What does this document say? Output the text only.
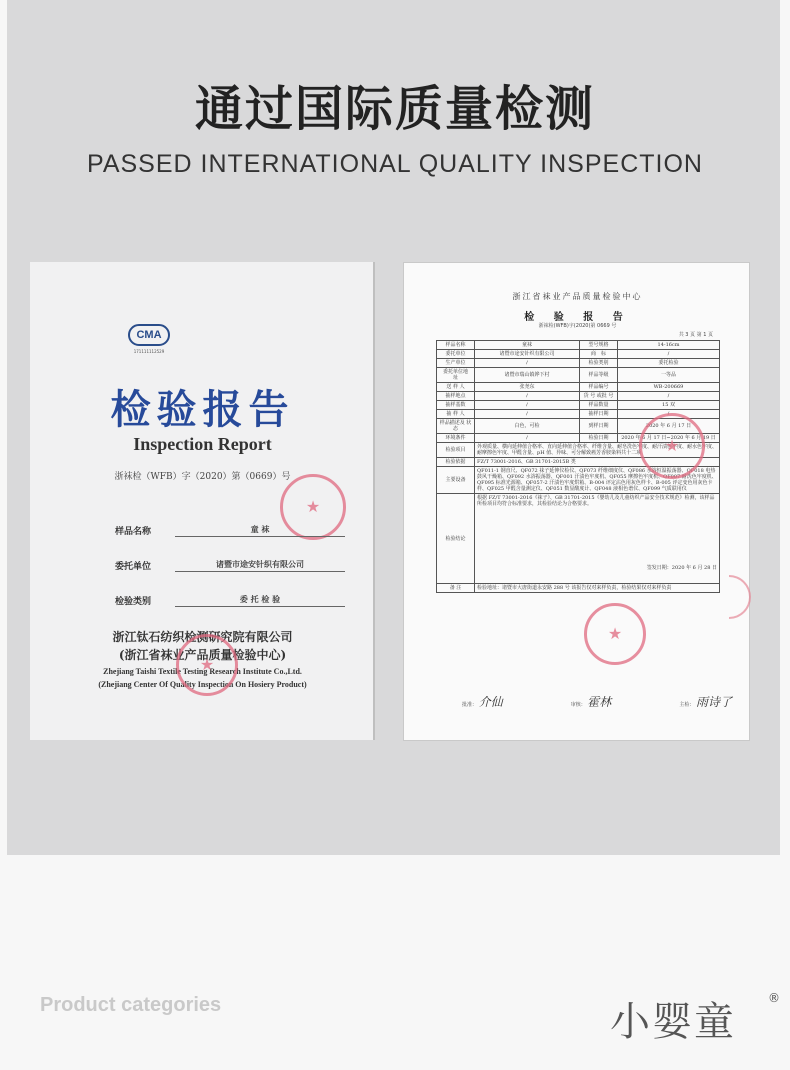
通过国际质量检测
PASSED INTERNATIONAL QUALITY INSPECTION
CMA
171111112529
检验报告
Inspection Report
浙袜检（WFB）字（2020）第（0669）号
★
样品名称	童 袜
委托单位	诸暨市途安针织有限公司
检验类别	委 托 检 验
浙江钛石纺织检测研究院有限公司
(浙江省袜业产品质量检验中心)
Zhejiang Taishi Textile Testing Research Institute Co.,Ltd.
(Zhejiang Center Of Quality Inspection On Hosiery Product)
★
浙江省袜业产品质量检验中心
检 验 报 告
浙袜检(WFB)字(2020)第 0669 号
共 3 页 第 1 页
样品名称	童袜	型号规格	14-16cm
委托单位	诸暨市途安针织有限公司	商　标	/
生产单位	/	检验类别	委托检验
委托单位地　址	诸暨市瑞山镇铧下村	样品等级	一等品
送 样 人	张尧东	样品编号	WB-200669
抽样地点	/	货 号 或批 号	/
抽样基数	/	样品数量	15 双
抽 样 人	/	抽样日期	/
样品描述及 状 态	白色，可检	到样日期	2020 年 6 月 17 日
环境条件	/	检验日期	2020 年 6 月 17 日~2020 年 6 月 19 日
检验项目	外观质量、横向延伸值合格率、直向延伸值合格率、纤维含量、耐皂洗色牢度、耐汗渍色牢度、耐水色牢度、耐摩擦色牢度、甲醛含量、pH 值、异味、可分解致癌芳香胺染料共十二项		
检验依据	FZ/T 73001-2016、GB 31701-2015B 类		
主要设备	QF011-1 钢直尺、QF072 袜子延伸仪检仪、QF073 纤维细度仪、QF086 水浴恒温振荡器、QF018 电热鼓风干燥箱、QF092 水浴振荡器、QF001 汗渍色牢度机、QF055 摩擦色牢度机、QF007 耐洗色牢度机、QF095 标准光源箱、QF057-2 汗渍色牢度烘箱、B-004 评定沾色用灰色样卡、B-005 评定变色用灰色卡样、QF025 甲醛含量测定仪、QF051 数显酸度计、QF048 液相色谱仪、QF099 气质联用仪		
检验结论	根据 FZ/T 73001-2016《袜子》、GB 31701-2015《婴幼儿及儿童纺织产品安全技术规范》检测，该样品所检项目均符合标准要求，其检验结论为合格要求。
签发日期：2020 年 6 月 28 日		

备 注	检验地址：诸暨市大唐街道永安路 288 号 该报告仅对来样负责，检验结果仅对来样负责		
★
★
批准： 介仙	审核： 霍林	主检： 雨诗了
Product categories	小婴童
®
